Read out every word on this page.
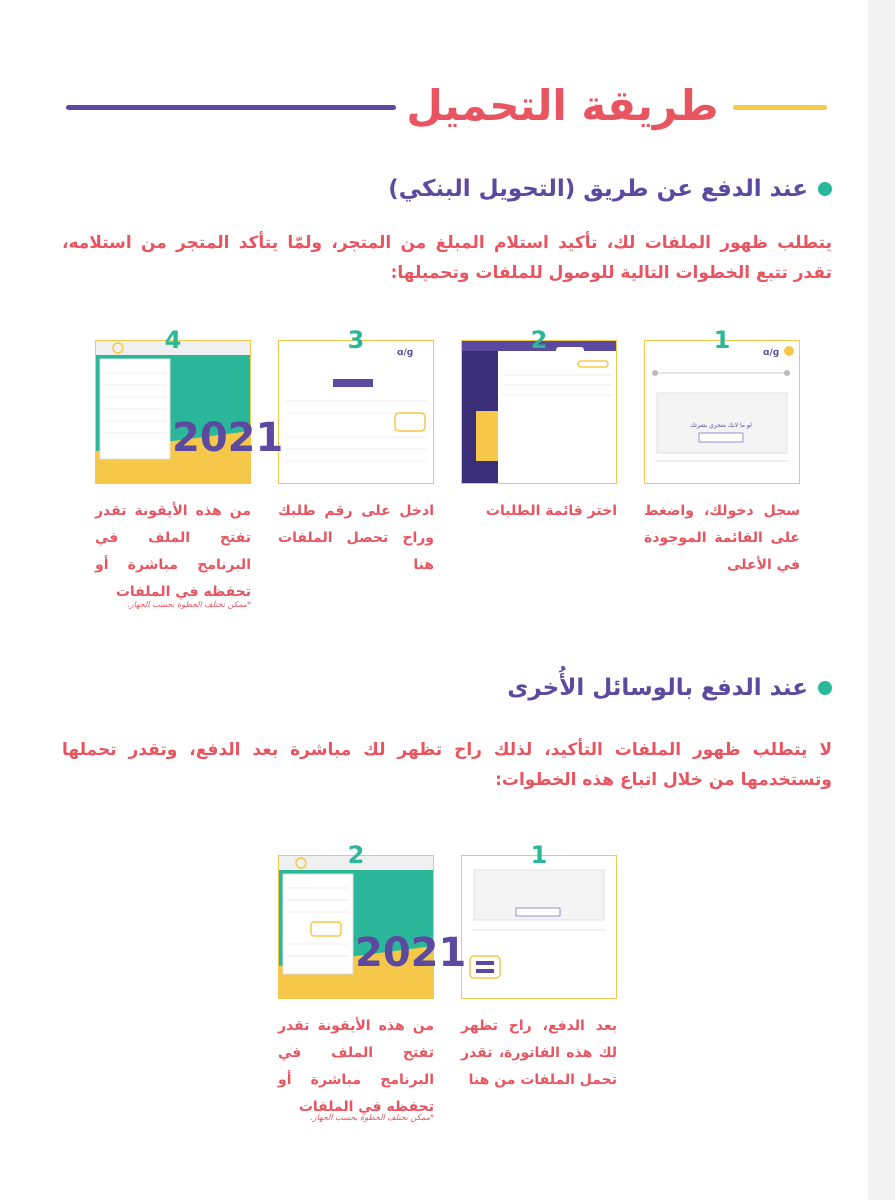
طريقة التحميل
عند الدفع عن طريق (التحويل البنكي)
يتطلب ظهور الملفات لك، تأكيد استلام المبلغ من المتجر، ولمّا يتأكد المتجر من استلامه، تقدر تتبع الخطوات التالية للوصول للملفات وتحميلها:
1	ɑ/ɡ
لو ما لابك متجري بشرتك
سجل دخولك، واضغط على القائمة الموجودة في الأعلى
2
اختر قائمة الطلبات
3	ɑ/ɡ
ادخل على رقم طلبك وراح تحصل الملفات هنا
4
2021
من هذه الأيقونة تقدر تفتح الملف في البرنامج مباشرة أو تحفظه في الملفات
*ممكن تختلف الخطوة بحسب الجهاز.
عند الدفع بالوسائل الأُخرى
لا يتطلب ظهور الملفات التأكيد، لذلك راح تظهر لك مباشرة بعد الدفع، وتقدر تحملها وتستخدمها من خلال اتباع هذه الخطوات:
1
بعد الدفع، راح تظهر لك هذه الفاتورة، تقدر تحمل الملفات من هنا
2
2021
من هذه الأيقونة تقدر تفتح الملف في البرنامج مباشرة أو تحفظه في الملفات
*ممكن تختلف الخطوة بحسب الجهاز.
